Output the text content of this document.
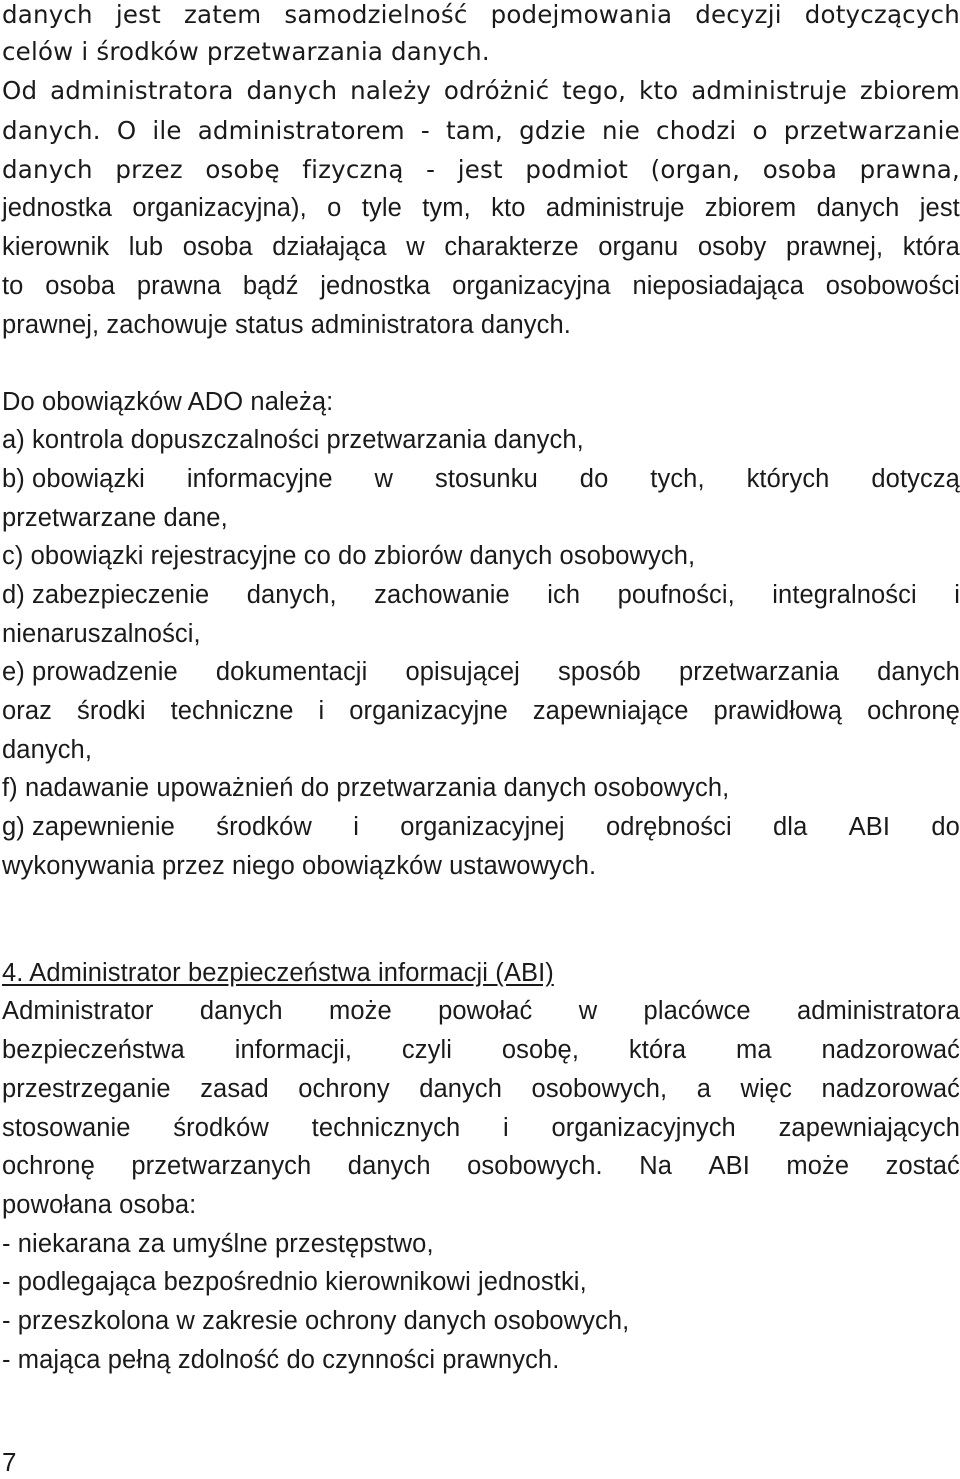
danych jest zatem samodzielność podejmowania decyzji dotyczących
celów i środków przetwarzania danych.
Od administratora danych należy odróżnić tego, kto administruje zbiorem
danych. O ile administratorem - tam, gdzie nie chodzi o przetwarzanie
danych przez osobę fizyczną - jest podmiot (organ, osoba prawna,
jednostka organizacyjna), o tyle tym, kto administruje zbiorem danych jest
kierownik lub osoba działająca w charakterze organu osoby prawnej, która
to osoba prawna bądź jednostka organizacyjna nieposiadająca osobowości
prawnej, zachowuje status administratora danych.
Do obowiązków ADO należą:
a) kontrola dopuszczalności przetwarzania danych,
b) obowiązki informacyjne w stosunku do tych, których dotyczą
przetwarzane dane,
c) obowiązki rejestracyjne co do zbiorów danych osobowych,
d) zabezpieczenie danych, zachowanie ich poufności, integralności i
nienaruszalności,
e) prowadzenie dokumentacji opisującej sposób przetwarzania danych
oraz środki techniczne i organizacyjne zapewniające prawidłową ochronę
danych,
f) nadawanie upoważnień do przetwarzania danych osobowych,
g) zapewnienie środków i organizacyjnej odrębności dla ABI do
wykonywania przez niego obowiązków ustawowych.
4. Administrator bezpieczeństwa informacji (ABI)
Administrator danych może powołać w placówce administratora
bezpieczeństwa informacji, czyli osobę, która ma nadzorować
przestrzeganie zasad ochrony danych osobowych, a więc nadzorować
stosowanie środków technicznych i organizacyjnych zapewniających
ochronę przetwarzanych danych osobowych. Na ABI może zostać
powołana osoba:
- niekarana za umyślne przestępstwo,
- podlegająca bezpośrednio kierownikowi jednostki,
- przeszkolona w zakresie ochrony danych osobowych,
- mająca pełną zdolność do czynności prawnych.
7
